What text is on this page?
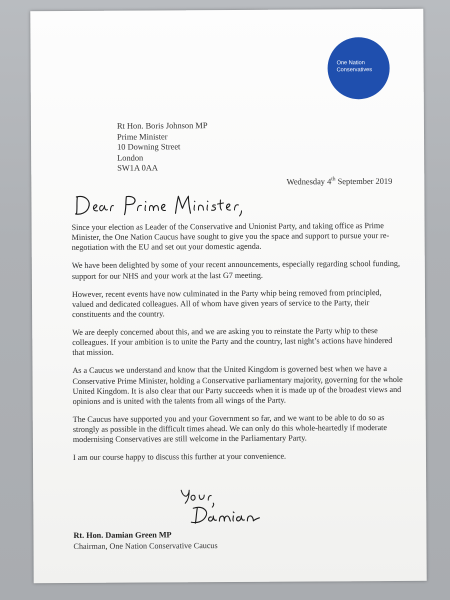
One Nation
Conservatives
Rt Hon. Boris Johnson MP
Prime Minister
10 Downing Street
London
SW1A 0AA
Wednesday 4th September 2019

Since your election as Leader of the Conservative and Unionist Party, and taking office as Prime Minister, the One Nation Caucus have sought to give you the space and support to pursue your re-negotiation with the EU and set out your domestic agenda.

We have been delighted by some of your recent announcements, especially regarding school funding, support for our NHS and your work at the last G7 meeting.

However, recent events have now culminated in the Party whip being removed from principled, valued and dedicated colleagues. All of whom have given years of service to the Party, their constituents and the country.

We are deeply concerned about this, and we are asking you to reinstate the Party whip to these colleagues. If your ambition is to unite the Party and the country, last night’s actions have hindered that mission.

As a Caucus we understand and know that the United Kingdom is governed best when we have a Conservative Prime Minister, holding a Conservative parliamentary majority, governing for the whole United Kingdom. It is also clear that our Party succeeds when it is made up of the broadest views and opinions and is united with the talents from all wings of the Party.

The Caucus have supported you and your Government so far, and we want to be able to do so as strongly as possible in the difficult times ahead. We can only do this whole-heartedly if moderate modernising Conservatives are still welcome in the Parliamentary Party.

I am our course happy to discuss this further at your convenience.

Rt. Hon. Damian Green MP
Chairman, One Nation Conservative Caucus
